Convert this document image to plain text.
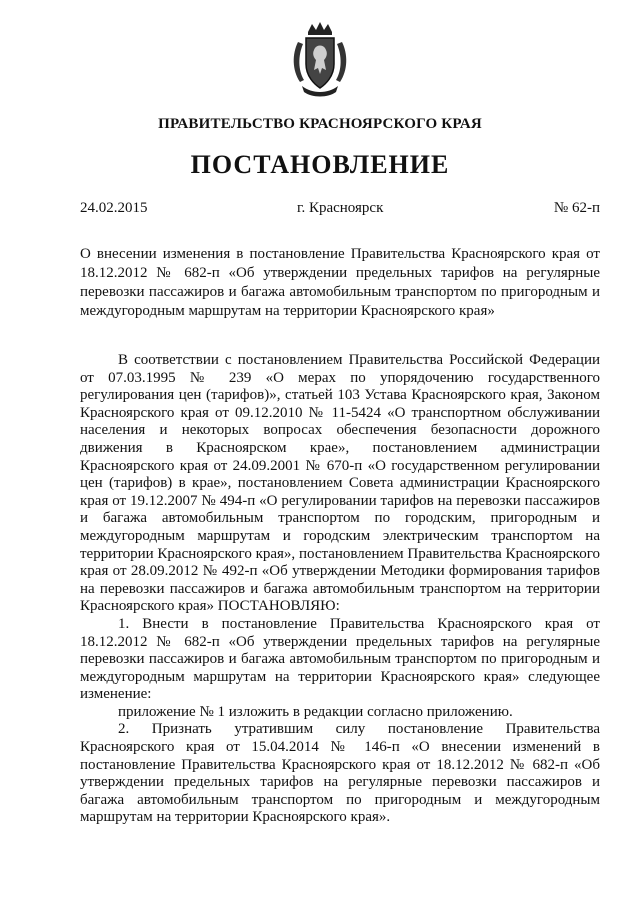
ПРАВИТЕЛЬСТВО КРАСНОЯРСКОГО КРАЯ
ПОСТАНОВЛЕНИЕ
24.02.2015	г. Красноярск	№ 62-п
О внесении изменения в постановление Правительства Красноярского края от 18.12.2012 № 682-п «Об утверждении предельных тарифов на регулярные перевозки пассажиров и багажа автомобильным транспортом по пригородным и междугородным маршрутам на территории Красноярского края»

В соответствии с постановлением Правительства Российской Федерации от 07.03.1995 № 239 «О мерах по упорядочению государственного регулирования цен (тарифов)», статьей 103 Устава Красноярского края, Законом Красноярского края от 09.12.2010 № 11-5424 «О транспортном обслуживании населения и некоторых вопросах обеспечения безопасности дорожного движения в Красноярском крае», постановлением администрации Красноярского края от 24.09.2001 № 670-п «О государственном регулировании цен (тарифов) в крае», постановлением Совета администрации Красноярского края от 19.12.2007 № 494-п «О регулировании тарифов на перевозки пассажиров и багажа автомобильным транспортом по городским, пригородным и междугородным маршрутам и городским электрическим транспортом на территории Красноярского края», постановлением Правительства Красноярского края от 28.09.2012 № 492-п «Об утверждении Методики формирования тарифов на перевозки пассажиров и багажа автомобильным транспортом на территории Красноярского края» ПОСТАНОВЛЯЮ:

1. Внести в постановление Правительства Красноярского края от 18.12.2012 № 682-п «Об утверждении предельных тарифов на регулярные перевозки пассажиров и багажа автомобильным транспортом по пригородным и междугородным маршрутам на территории Красноярского края» следующее изменение:

приложение № 1 изложить в редакции согласно приложению.

2. Признать утратившим силу постановление Правительства Красноярского края от 15.04.2014 № 146-п «О внесении изменений в постановление Правительства Красноярского края от 18.12.2012 № 682-п «Об утверждении предельных тарифов на регулярные перевозки пассажиров и багажа автомобильным транспортом по пригородным и междугородным маршрутам на территории Красноярского края».
